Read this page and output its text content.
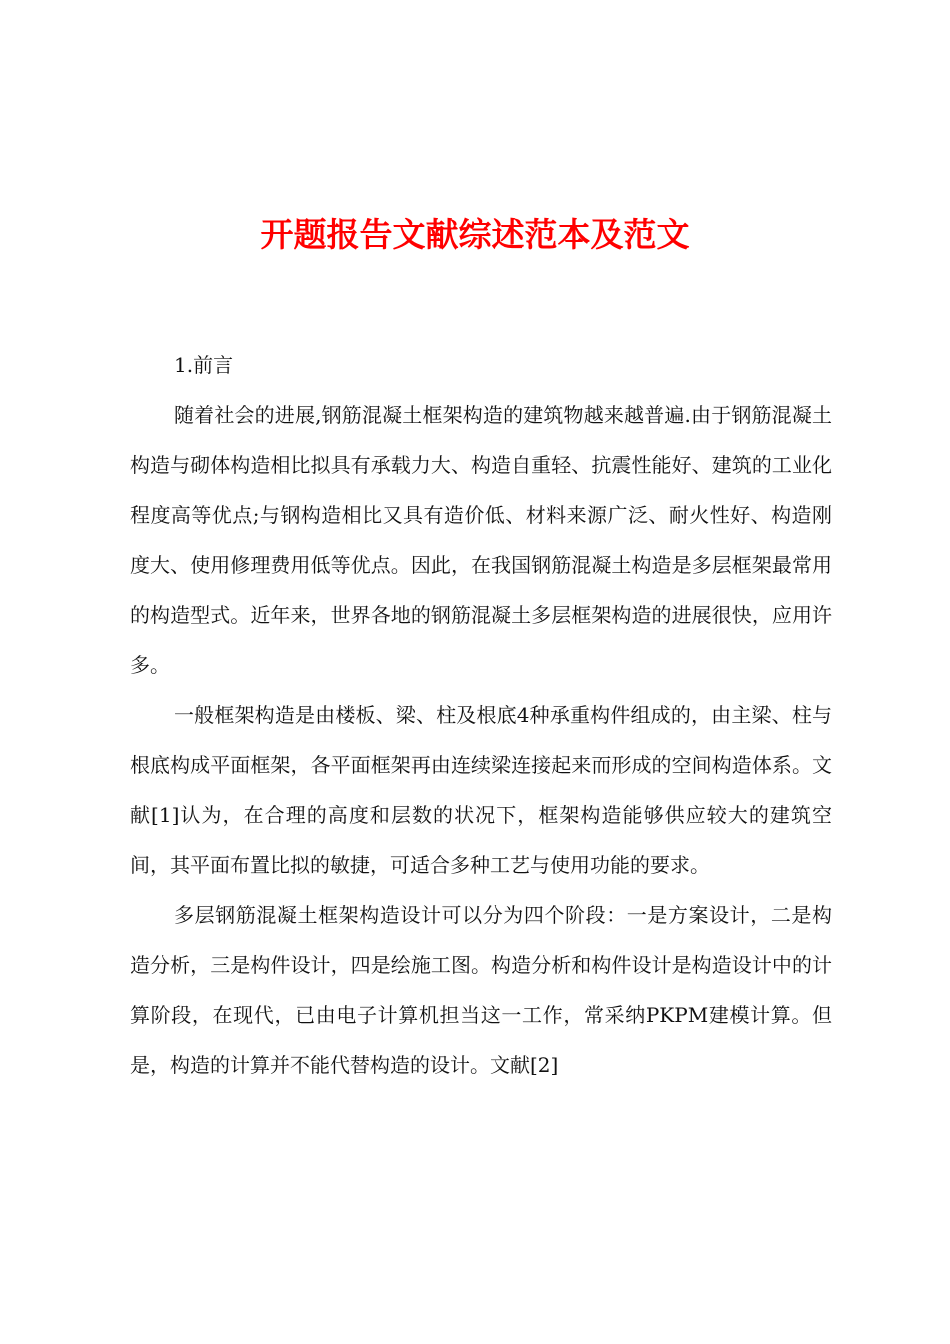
开题报告文献综述范本及范文

1.前言

随着社会的进展,钢筋混凝土框架构造的建筑物越来越普遍.由于钢筋混凝土构造与砌体构造相比拟具有承载力大、构造自重轻、抗震性能好、建筑的工业化程度高等优点;与钢构造相比又具有造价低、材料来源广泛、耐火性好、构造刚度大、使用修理费用低等优点。因此，在我国钢筋混凝土构造是多层框架最常用的构造型式。近年来，世界各地的钢筋混凝土多层框架构造的进展很快，应用许多。

一般框架构造是由楼板、梁、柱及根底4种承重构件组成的，由主梁、柱与根底构成平面框架，各平面框架再由连续梁连接起来而形成的空间构造体系。文献[1]认为，在合理的高度和层数的状况下，框架构造能够供应较大的建筑空间，其平面布置比拟的敏捷，可适合多种工艺与使用功能的要求。

多层钢筋混凝土框架构造设计可以分为四个阶段：一是方案设计，二是构造分析，三是构件设计，四是绘施工图。构造分析和构件设计是构造设计中的计算阶段，在现代，已由电子计算机担当这一工作，常采纳PKPM建模计算。但是，构造的计算并不能代替构造的设计。文献[2]
